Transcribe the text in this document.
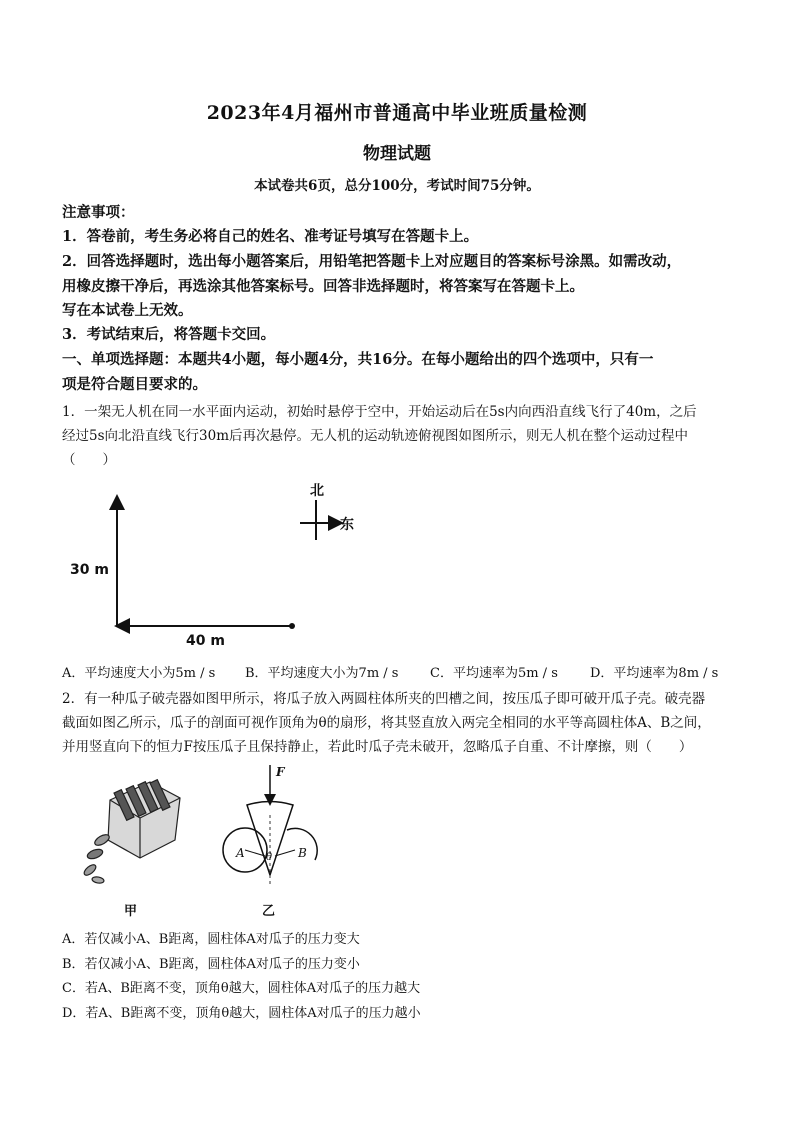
2023年4月福州市普通高中毕业班质量检测
物理试题
本试卷共6页，总分100分，考试时间75分钟。
注意事项：
1．答卷前，考生务必将自己的姓名、准考证号填写在答题卡上。
2．回答选择题时，选出每小题答案后，用铅笔把答题卡上对应题目的答案标号涂黑。如需改动，
用橡皮擦干净后，再选涂其他答案标号。回答非选择题时，将答案写在答题卡上。
写在本试卷上无效。
3．考试结束后，将答题卡交回。
一、单项选择题：本题共4小题，每小题4分，共16分。在每小题给出的四个选项中，只有一
项是符合题目要求的。
1．一架无人机在同一水平面内运动，初始时悬停于空中，开始运动后在5s内向西沿直线飞行了40m，之后
经过5s向北沿直线飞行30m后再次悬停。无人机的运动轨迹俯视图如图所示，则无人机在整个运动过程中
（　　）
30 m
40 m
北
东
A．平均速度大小为5m / s B．平均速度大小为7m / s C．平均速率为5m / s D．平均速率为8m / s
2．有一种瓜子破壳器如图甲所示，将瓜子放入两圆柱体所夹的凹槽之间，按压瓜子即可破开瓜子壳。破壳器
截面如图乙所示，瓜子的剖面可视作顶角为θ的扇形，将其竖直放入两完全相同的水平等高圆柱体A、B之间，
并用竖直向下的恒力F按压瓜子且保持静止，若此时瓜子壳未破开，忽略瓜子自重、不计摩擦，则（　　）
甲
F
A	B
θ
乙
A．若仅减小A、B距离，圆柱体A对瓜子的压力变大
B．若仅减小A、B距离，圆柱体A对瓜子的压力变小
C．若A、B距离不变，顶角θ越大，圆柱体A对瓜子的压力越大
D．若A、B距离不变，顶角θ越大，圆柱体A对瓜子的压力越小
